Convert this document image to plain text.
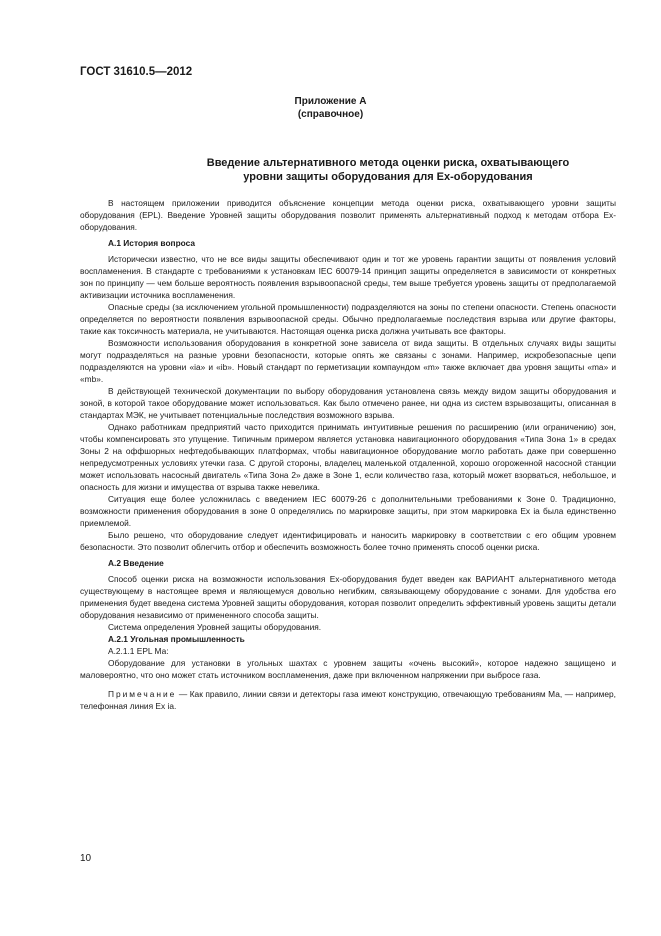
ГОСТ 31610.5—2012
Приложение А
(справочное)
Введение альтернативного метода оценки риска, охватывающего
уровни защиты оборудования для Ex-оборудования

В настоящем приложении приводится объяснение концепции метода оценки риска, охватывающего уровни защиты оборудования (EPL). Введение Уровней защиты оборудования позволит применять альтернативный подход к методам отбора Ex-оборудования.

А.1 История вопроса

Исторически известно, что не все виды защиты обеспечивают один и тот же уровень гарантии защиты от появления условий воспламенения. В стандарте с требованиями к установкам IEC 60079-14 принцип защиты определяется в зависимости от конкретных зон по принципу — чем больше вероятность появления взрывоопасной среды, тем выше требуется уровень защиты от предполагаемой активизации источника воспламенения.

Опасные среды (за исключением угольной промышленности) подразделяются на зоны по степени опасности. Степень опасности определяется по вероятности появления взрывоопасной среды. Обычно предполагаемые последствия взрыва или другие факторы, такие как токсичность материала, не учитываются. Настоящая оценка риска должна учитывать все факторы.

Возможности использования оборудования в конкретной зоне зависела от вида защиты. В отдельных случаях виды защиты могут подразделяться на разные уровни безопасности, которые опять же связаны с зонами. Например, искробезопасные цепи подразделяются на уровни «ia» и «ib». Новый стандарт по герметизации компаундом «m» также включает два уровня защиты «ma» и «mb».

В действующей технической документации по выбору оборудования установлена связь между видом защиты оборудования и зоной, в которой такое оборудование может использоваться. Как было отмечено ранее, ни одна из систем взрывозащиты, описанная в стандартах МЭК, не учитывает потенциальные последствия возможного взрыва.

Однако работникам предприятий часто приходится принимать интуитивные решения по расширению (или ограничению) зон, чтобы компенсировать это упущение. Типичным примером является установка навигационного оборудования «Типа Зона 1» в средах Зоны 2 на оффшорных нефтедобывающих платформах, чтобы навигационное оборудование могло работать даже при совершенно непредусмотренных условиях утечки газа. С другой стороны, владелец маленькой отдаленной, хорошо огороженной насосной станции может использовать насосный двигатель «Типа Зона 2» даже в Зоне 1, если количество газа, который может взорваться, небольшое, и опасность для жизни и имущества от взрыва также невелика.

Ситуация еще более усложнилась с введением IEC 60079-26 с дополнительными требованиями к Зоне 0. Традиционно, возможности применения оборудования в зоне 0 определялись по маркировке защиты, при этом маркировка Ex ia была единственно приемлемой.

Было решено, что оборудование следует идентифицировать и наносить маркировку в соответствии с его общим уровнем безопасности. Это позволит облегчить отбор и обеспечить возможность более точно применять способ оценки риска.

А.2 Введение

Способ оценки риска на возможности использования Ex-оборудования будет введен как ВАРИАНТ альтернативного метода существующему в настоящее время и являющемуся довольно негибким, связывающему оборудование с зонами. Для удобства его применения будет введена система Уровней защиты оборудования, которая позволит определить эффективный уровень защиты детали оборудования независимо от примененного способа защиты.

Система определения Уровней защиты оборудования.

А.2.1 Угольная промышленность

А.2.1.1 EPL Ма:

Оборудование для установки в угольных шахтах с уровнем защиты «очень высокий», которое надежно защищено и маловероятно, что оно может стать источником воспламенения, даже при включенном напряжении при выбросе газа.

Примечание — Как правило, линии связи и детекторы газа имеют конструкцию, отвечающую требованиям Ма, — например, телефонная линия Ex ia.

10
